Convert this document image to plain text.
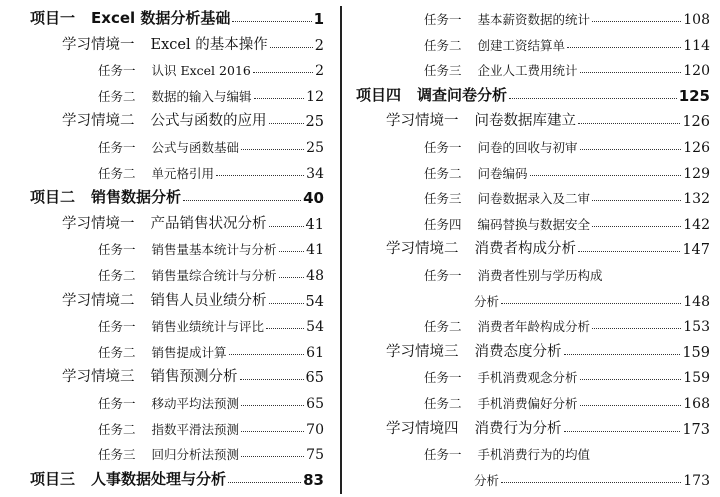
项目一 Excel 数据分析基础	1
学习情境一 Excel 的基本操作	2
任务一 认识 Excel 2016	2
任务二 数据的输入与编辑	12
学习情境二 公式与函数的应用	25
任务一 公式与函数基础	25
任务二 单元格引用	34
项目二 销售数据分析	40
学习情境一 产品销售状况分析	41
任务一 销售量基本统计与分析 41
任务二 销售量综合统计与分析 48
学习情境二 销售人员业绩分析	54
任务一 销售业绩统计与评比	54
任务二 销售提成计算	61
学习情境三 销售预测分析	65
任务一 移动平均法预测	65
任务二 指数平滑法预测	70
任务三 回归分析法预测	75
项目三 人事数据处理与分析	83
任务一 基本薪资数据的统计	108
任务二 创建工资结算单	114
任务三 企业人工费用统计	120
项目四 调查问卷分析	125
学习情境一 问卷数据库建立	126
任务一 问卷的回收与初审	126
任务二 问卷编码	129
任务三 问卷数据录入及二审	132
任务四 编码替换与数据安全	142
学习情境二 消费者构成分析	147
任务一 消费者性别与学历构成
分析	148
任务二 消费者年龄构成分析	153
学习情境三 消费态度分析	159
任务一 手机消费观念分析	159
任务二 手机消费偏好分析	168
学习情境四 消费行为分析	173
任务一 手机消费行为的均值
分析	173
